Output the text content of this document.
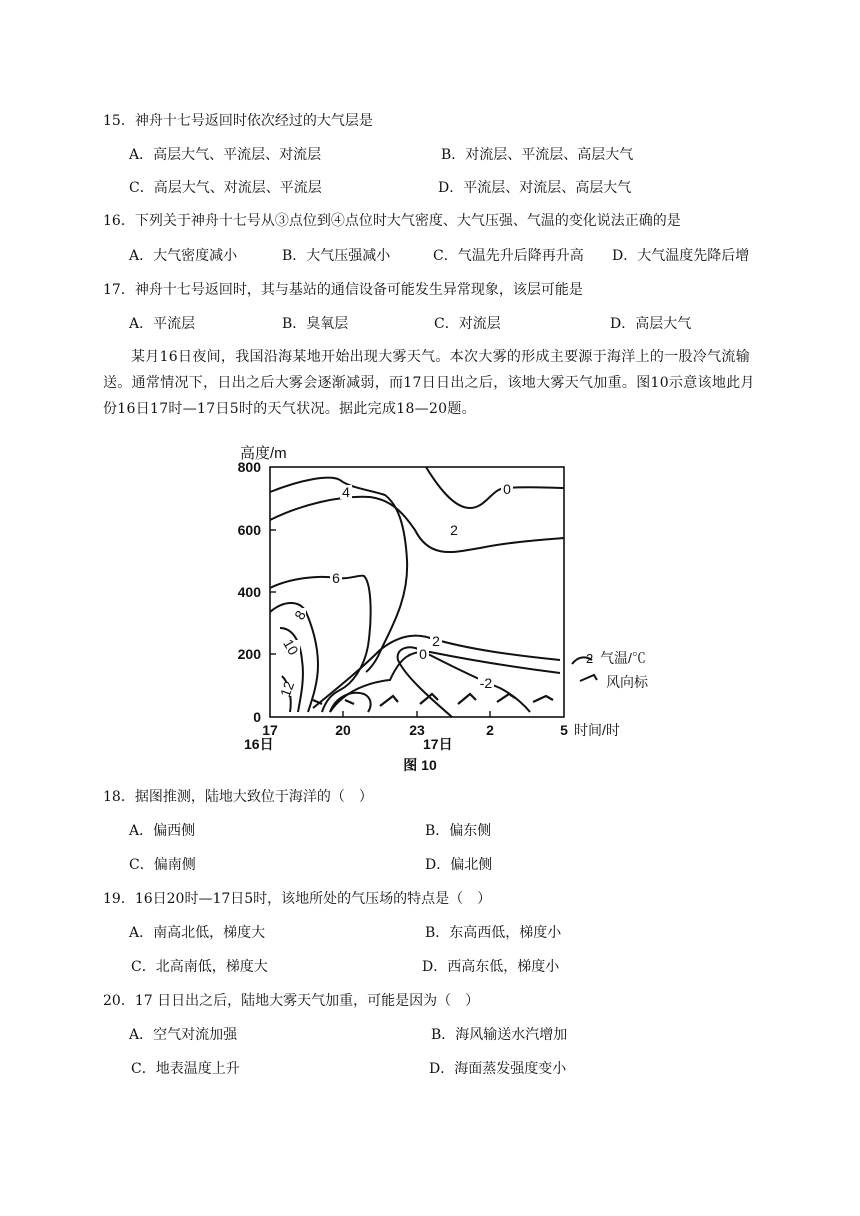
15．神舟十七号返回时依次经过的大气层是
A．高层大气、平流层、对流层	B．对流层、平流层、高层大气
C．高层大气、对流层、平流层	D．平流层、对流层、高层大气
16．下列关于神舟十七号从③点位到④点位时大气密度、大气压强、气温的变化说法正确的是
A．大气密度减小	B．大气压强减小	C．气温先升后降再升高 D．大气温度先降后增
17．神舟十七号返回时，其与基站的通信设备可能发生异常现象，该层可能是
A．平流层	B．臭氧层	C．对流层	D．高层大气
某月16日夜间，我国沿海某地开始出现大雾天气。本次大雾的形成主要源于海洋上的一股冷气流输送。通常情况下，日出之后大雾会逐渐减弱，而17日日出之后，该地大雾天气加重。图10示意该地此月份16日17时—17日5时的天气状况。据此完成18—20题。
高度/m
800
600
400
200
0
17	20	23	2	5 时间/时
16日	17日
4	0
2
6
8
10
12
2
0
-2
2 气温/℃
风向标
图 10
18．据图推测，陆地大致位于海洋的（　）
A．偏西侧	B．偏东侧
C．偏南侧	D．偏北侧
19．16日20时—17日5时，该地所处的气压场的特点是（　）
A．南高北低，梯度大	B．东高西低，梯度小
C．北高南低，梯度大	D．西高东低，梯度小
20．17 日日出之后，陆地大雾天气加重，可能是因为（　）
A．空气对流加强	B．海风输送水汽增加
C．地表温度上升	D．海面蒸发强度变小
